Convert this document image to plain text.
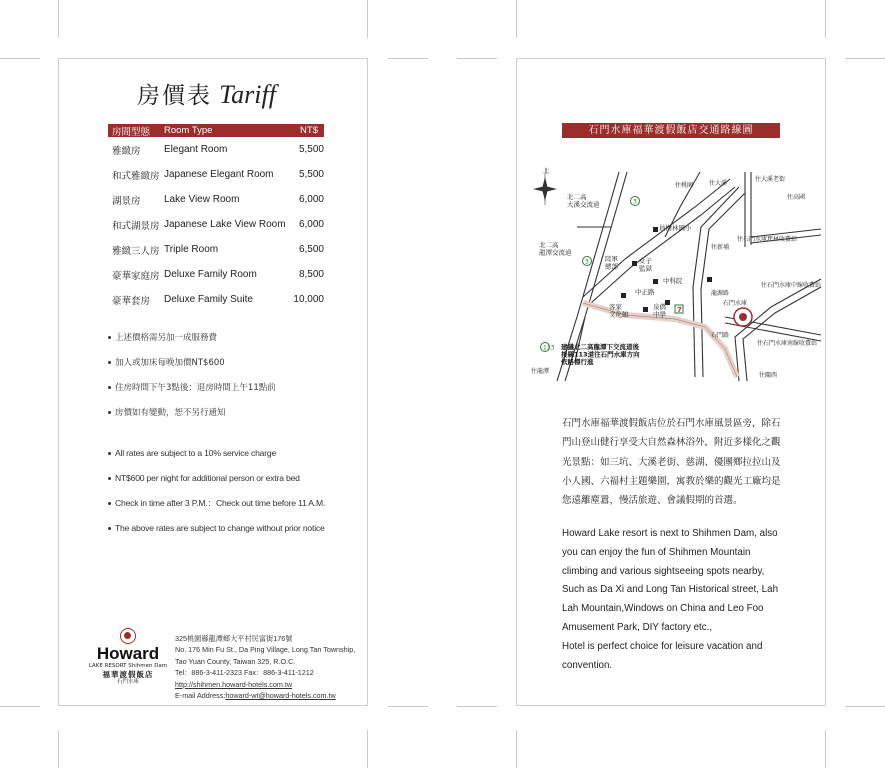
房價表 Tariff
房間型態 Room Type	NT$
雅緻房 Elegant Room	5,500
和式雅緻房 Japanese Elegant Room	5,500
湖景房 Lake View Room	6,000
和式湖景房 Japanese Lake View Room 6,000
雅緻三人房 Triple Room	6,500
豪華家庭房 Deluxe Family Room	8,500
豪華套房 Deluxe Family Suite	10,000
上述價格需另加一成服務費
加人或加床每晚加價NT$600
住房時間下午3點後：退房時間上午11點前
房價如有變動，恕不另行通知
All rates are subject to a 10% service charge
NT$600 per night for additional person or extra bed
Check in time after 3 P.M.：Check out time before 11 A.M.
The above rates are subject to change without prior notice
Howard
LAKE RESORT Shihmen Dam
福華渡假飯店
石門水庫
325桃園縣龍潭鄉大平村民富街176號
No. 176 Min Fu St., Da Ping Village, Long Tan Township,
Tao Yuan County, Taiwan 325, R.O.C.
Tel：886-3-411-2323 Fax：886-3-411-1212
http://shihmen.howard-hotels.com.tw
E-mail Address:howard-wt@howard-hotels.com.tw
石門水庫福華渡假飯店交通路線圖
北
7
3
3
113
北二高大溪交流道
北二高龍潭交流道
員樹林國小
陸軍總部
女子監獄
中科院
中正路
客家文化館
泉僑中學
往桃園	往大溪
往大溪老街
往高國
往石門水庫坪林收費站
往石門水庫中線收費站
往石門水庫南線收費站
往新埔
龍源路
石門路
往關西
往龍潭
石門水庫
建議北二高龍潭下交流道後接縣113道往石門水庫方向依路標行進
石門水庫福華渡假飯店位於石門水庫風景區旁，除石門山登山健行享受大自然森林浴外，附近多樣化之觀光景點：如三坑、大溪老街、慈湖、優團鄉拉拉山及小人國、六福村主題樂園，寓教於樂的觀光工廠均是您遠離塵囂，慢活旅遊、會議假期的首選。

Howard Lake resort is next to Shihmen Dam, also you can enjoy the fun of Shihmen Mountain climbing and various sightseeing spots nearby, Such as Da Xi and Long Tan Historical street, Lah Lah Mountain,Windows on China and Leo Foo Amusement Park, DIY factory etc.,

Hotel is perfect choice for leisure vacation and convention.
